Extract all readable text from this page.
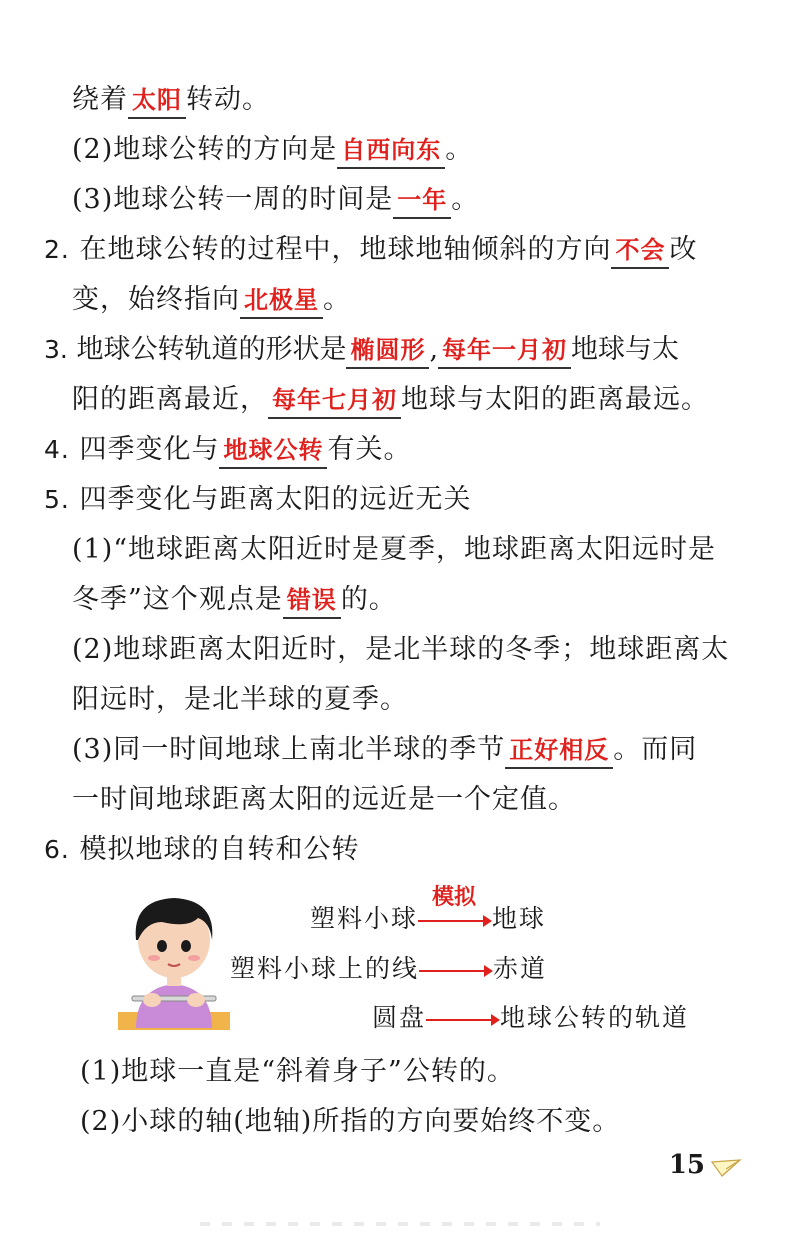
绕着 太阳 转动。
(2)地球公转的方向是 自西向东 。
(3)地球公转一周的时间是 一年 。
2. 在地球公转的过程中，地球地轴倾斜的方向 不会 改
变，始终指向 北极星 。
3. 地球公转轨道的形状是 椭圆形 , 每年一月初 地球与太
阳的距离最近， 每年七月初 地球与太阳的距离最远。
4. 四季变化与 地球公转 有关。
5. 四季变化与距离太阳的远近无关
(1)“地球距离太阳近时是夏季，地球距离太阳远时是
冬季”这个观点是 错误 的。
(2)地球距离太阳近时，是北半球的冬季；地球距离太
阳远时，是北半球的夏季。
(3)同一时间地球上南北半球的季节 正好相反 。而同
一时间地球距离太阳的远近是一个定值。
6. 模拟地球的自转和公转
模拟
塑料小球	地球
塑料小球上的线	赤道
圆盘	地球公转的轨道
(1)地球一直是“斜着身子”公转的。
(2)小球的轴(地轴)所指的方向要始终不变。
15
